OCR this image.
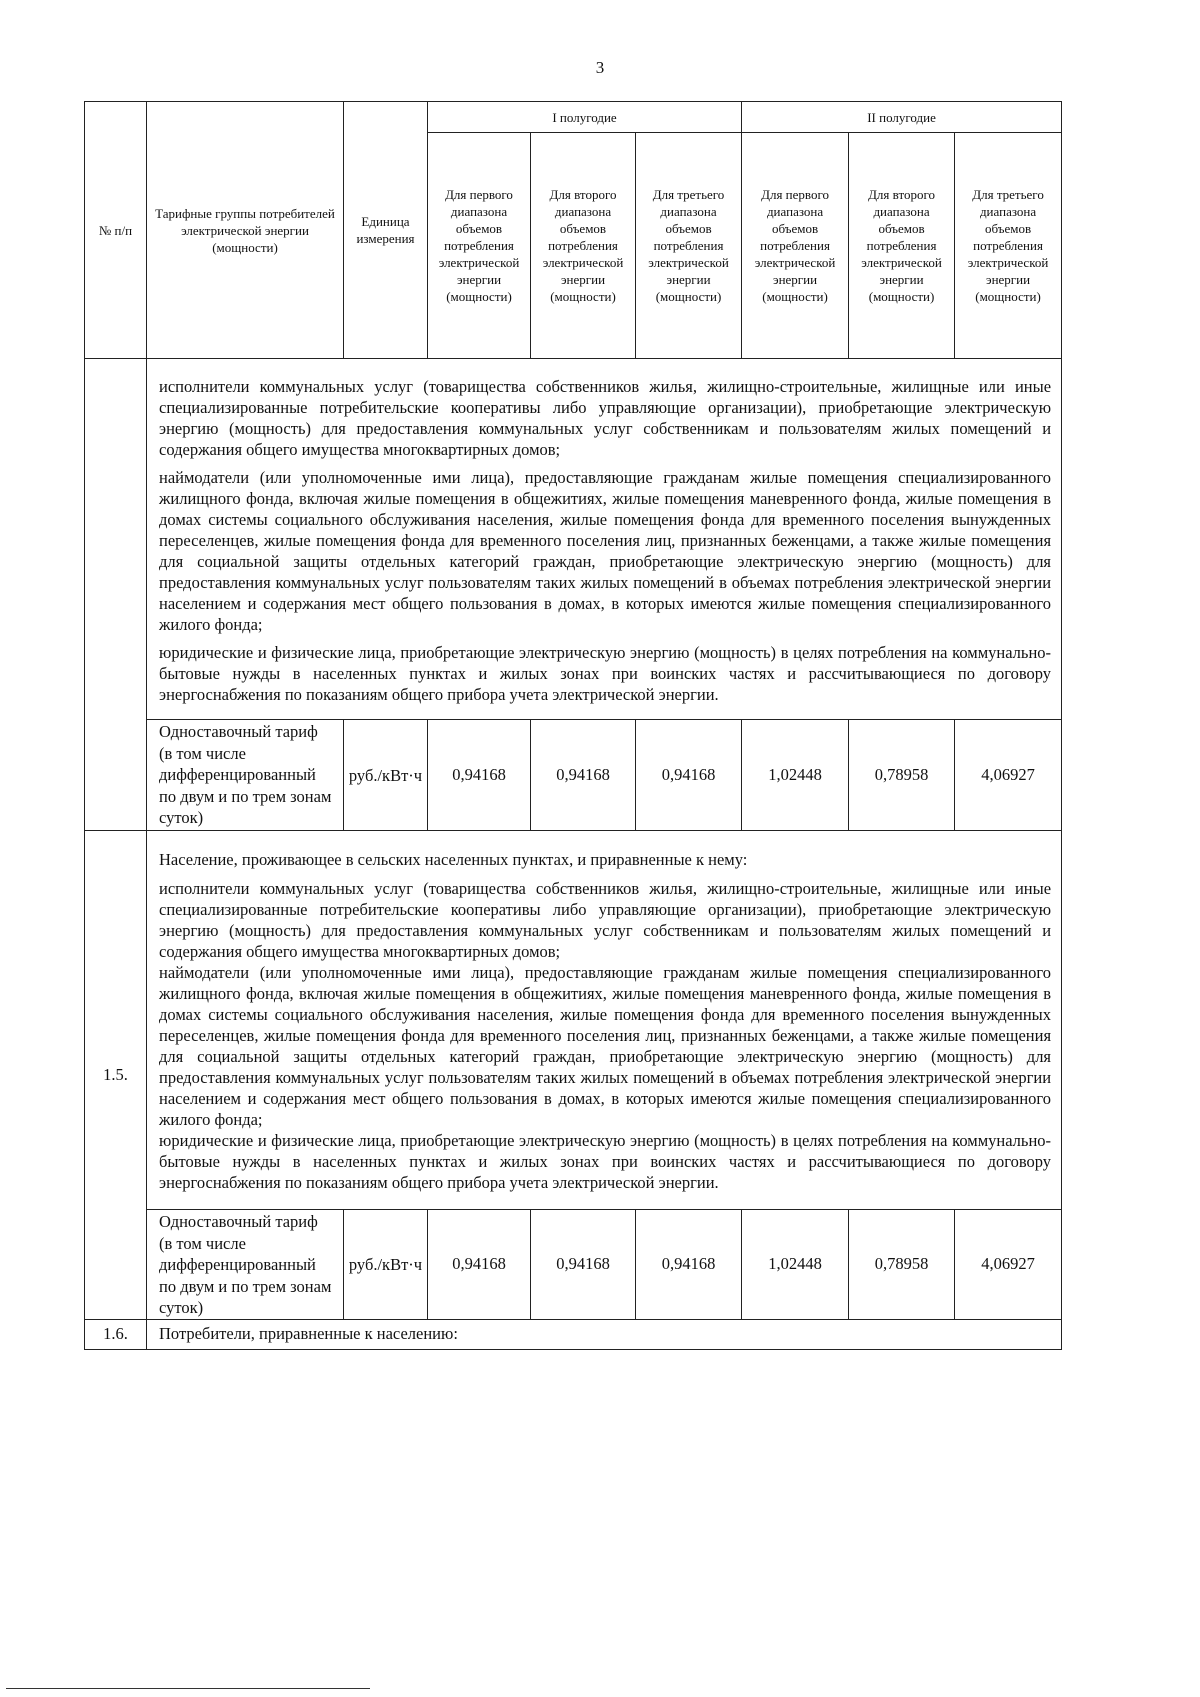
3
№ п/п	Тарифные группы потребителей электрической энергии (мощности)	Единица измерения	I полугодие			II полугодие		
			Для первого диапазона объемов потребления электрической энергии (мощности)	Для второго диапазона объемов потребления электрической энергии (мощности)	Для третьего диапазона объемов потребления электрической энергии (мощности)	Для первого диапазона объемов потребления электрической энергии (мощности)	Для второго диапазона объемов потребления электрической энергии (мощности)	Для третьего диапазона объемов потребления электрической энергии (мощности)

	исполнители коммунальных услуг (товарищества собственников жилья, жилищно-строительные, жилищные или иные специализированные потребительские кооперативы либо управляющие организации), приобретающие электрическую энергию (мощность) для предоставления коммунальных услуг собственникам и пользователям жилых помещений и содержания общего имущества многоквартирных домов;

наймодатели (или уполномоченные ими лица), предоставляющие гражданам жилые помещения специализированного жилищного фонда, включая жилые помещения в общежитиях, жилые помещения маневренного фонда, жилые помещения в домах системы социального обслуживания населения, жилые помещения фонда для временного поселения вынужденных переселенцев, жилые помещения фонда для временного поселения лиц, признанных беженцами, а также жилые помещения для социальной защиты отдельных категорий граждан, приобретающие электрическую энергию (мощность) для предоставления коммунальных услуг пользователям таких жилых помещений в объемах потребления электрической энергии населением и содержания мест общего пользования в домах, в которых имеются жилые помещения специализированного жилого фонда;

юридические и физические лица, приобретающие электрическую энергию (мощность) в целях потребления на коммунально-бытовые нужды в населенных пунктах и жилых зонах при воинских частях и рассчитывающиеся по договору энергоснабжения по показаниям общего прибора учета электрической энергии.							

	Одноставочный тариф (в том числе дифференцированный по двум и по трем зонам суток)	руб./кВт·ч	0,94168	0,94168	0,94168	1,02448	0,78958	4,06927
1.5.	Население, проживающее в сельских населенных пунктах, и приравненные к нему:

исполнители коммунальных услуг (товарищества собственников жилья, жилищно-строительные, жилищные или иные специализированные потребительские кооперативы либо управляющие организации), приобретающие электрическую энергию (мощность) для предоставления коммунальных услуг собственникам и пользователям жилых помещений и содержания общего имущества многоквартирных домов;

наймодатели (или уполномоченные ими лица), предоставляющие гражданам жилые помещения специализированного жилищного фонда, включая жилые помещения в общежитиях, жилые помещения маневренного фонда, жилые помещения в домах системы социального обслуживания населения, жилые помещения фонда для временного поселения вынужденных переселенцев, жилые помещения фонда для временного поселения лиц, признанных беженцами, а также жилые помещения для социальной защиты отдельных категорий граждан, приобретающие электрическую энергию (мощность) для предоставления коммунальных услуг пользователям таких жилых помещений в объемах потребления электрической энергии населением и содержания мест общего пользования в домах, в которых имеются жилые помещения специализированного жилого фонда;

юридические и физические лица, приобретающие электрическую энергию (мощность) в целях потребления на коммунально-бытовые нужды в населенных пунктах и жилых зонах при воинских частях и рассчитывающиеся по договору энергоснабжения по показаниям общего прибора учета электрической энергии.							

	Одноставочный тариф (в том числе дифференцированный по двум и по трем зонам суток)	руб./кВт·ч	0,94168	0,94168	0,94168	1,02448	0,78958	4,06927
1.6.	Потребители, приравненные к населению:							
